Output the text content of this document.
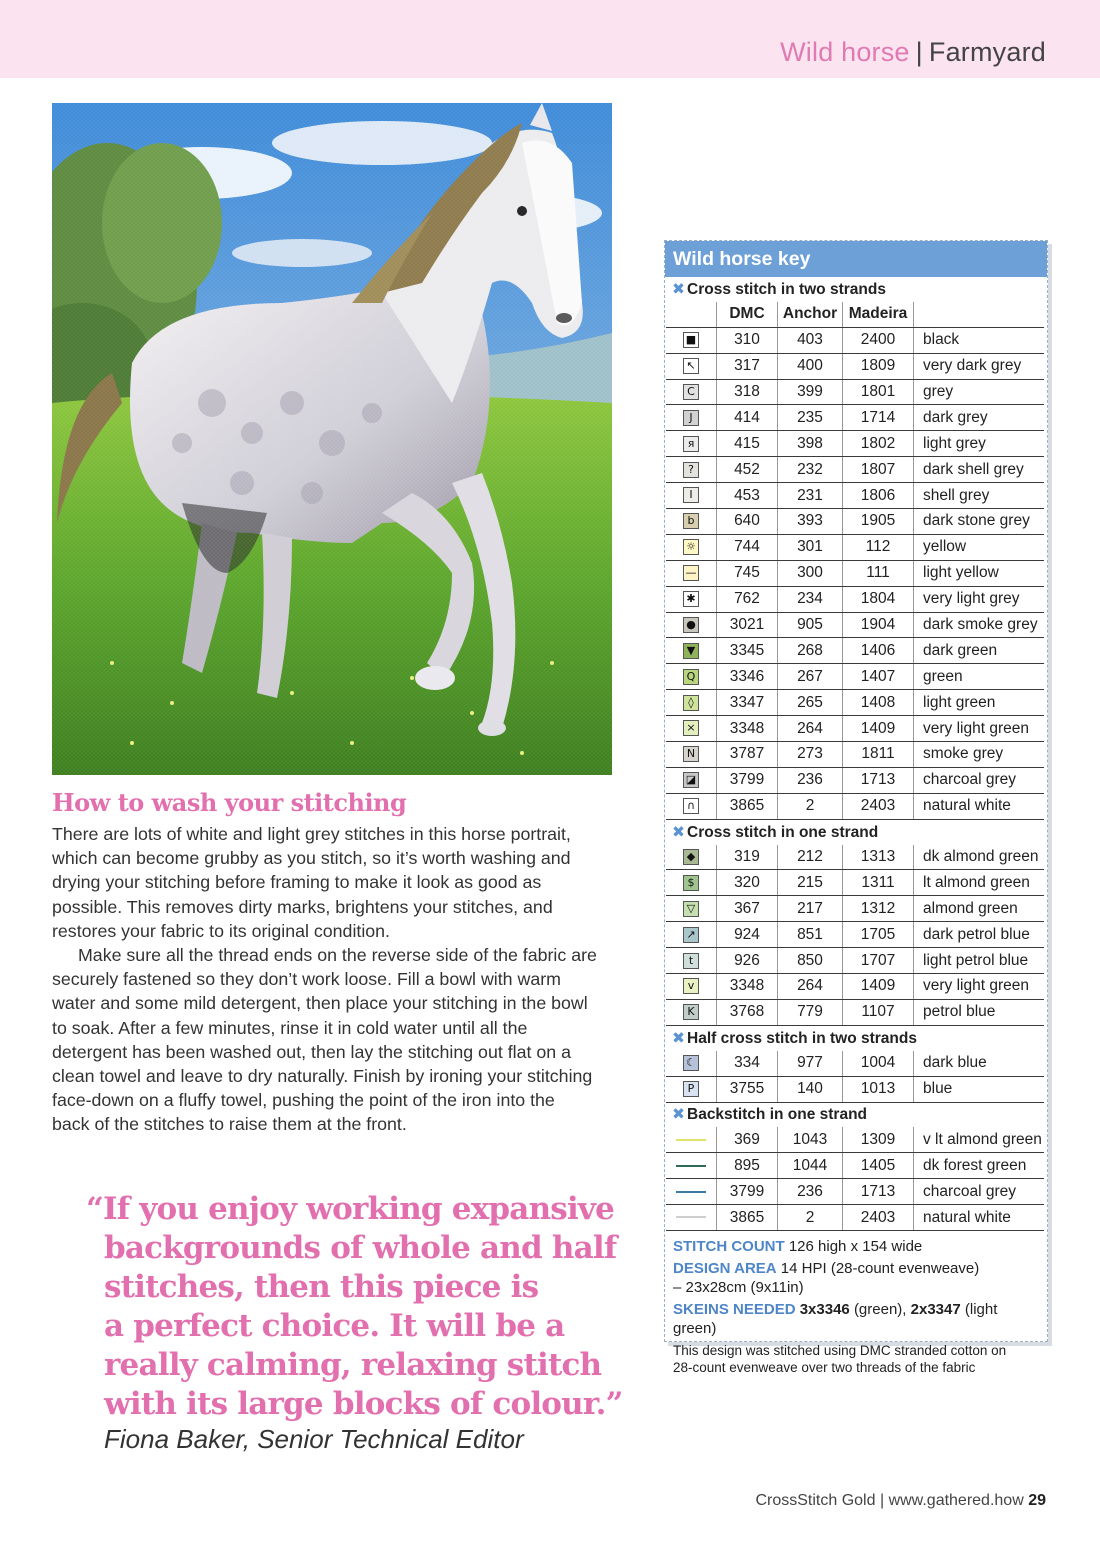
Wild horse | Farmyard
How to wash your stitching

There are lots of white and light grey stitches in this horse portrait, which can become grubby as you stitch, so it’s worth washing and drying your stitching before framing to make it look as good as possible. This removes dirty marks, brightens your stitches, and restores your fabric to its original condition.

Make sure all the thread ends on the reverse side of the fabric are securely fastened so they don’t work loose. Fill a bowl with warm water and some mild detergent, then place your stitching in the bowl to soak. After a few minutes, rinse it in cold water until all the detergent has been washed out, then lay the stitching out flat on a clean towel and leave to dry naturally. Finish by ironing your stitching face-down on a fluffy towel, pushing the point of the iron into the back of the stitches to raise them at the front.

“If you enjoy working expansive
backgrounds of whole and half
stitches, then this piece is
a perfect choice. It will be a
really calming, relaxing stitch
with its large blocks of colour.”
Fiona Baker, Senior Technical Editor
Wild horse key
✖ Cross stitch in two strands				
	DMC	Anchor	Madeira	
■	310	403	2400	black
↖	317	400	1809	very dark grey
C	318	399	1801	grey
J	414	235	1714	dark grey
я	415	398	1802	light grey
?	452	232	1807	dark shell grey
I	453	231	1806	shell grey
b	640	393	1905	dark stone grey
☼	744	301	112	yellow
—	745	300	111	light yellow
✱	762	234	1804	very light grey
●	3021	905	1904	dark smoke grey
▼	3345	268	1406	dark green
Q	3346	267	1407	green
◊	3347	265	1408	light green
×	3348	264	1409	very light green
N	3787	273	1811	smoke grey
◪	3799	236	1713	charcoal grey
∩	3865	2	2403	natural white
✖ Cross stitch in one strand				
◆	319	212	1313	dk almond green
$	320	215	1311	lt almond green
▽	367	217	1312	almond green
↗	924	851	1705	dark petrol blue
t	926	850	1707	light petrol blue
v	3348	264	1409	very light green
K	3768	779	1107	petrol blue
✖ Half cross stitch in two strands				
☾	334	977	1004	dark blue
P	3755	140	1013	blue
✖ Backstitch in one strand				
	369	1043	1309	v lt almond green
	895	1044	1405	dk forest green
	3799	236	1713	charcoal grey
	3865	2	2403	natural white
STITCH COUNT 126 high x 154 wide
DESIGN AREA 14 HPI (28-count evenweave)
– 23x28cm (9x11in)
SKEINS NEEDED 3x3346 (green), 2x3347 (light green)
This design was stitched using DMC stranded cotton on
28-count evenweave over two threads of the fabric
CrossStitch Gold | www.gathered.how 29
